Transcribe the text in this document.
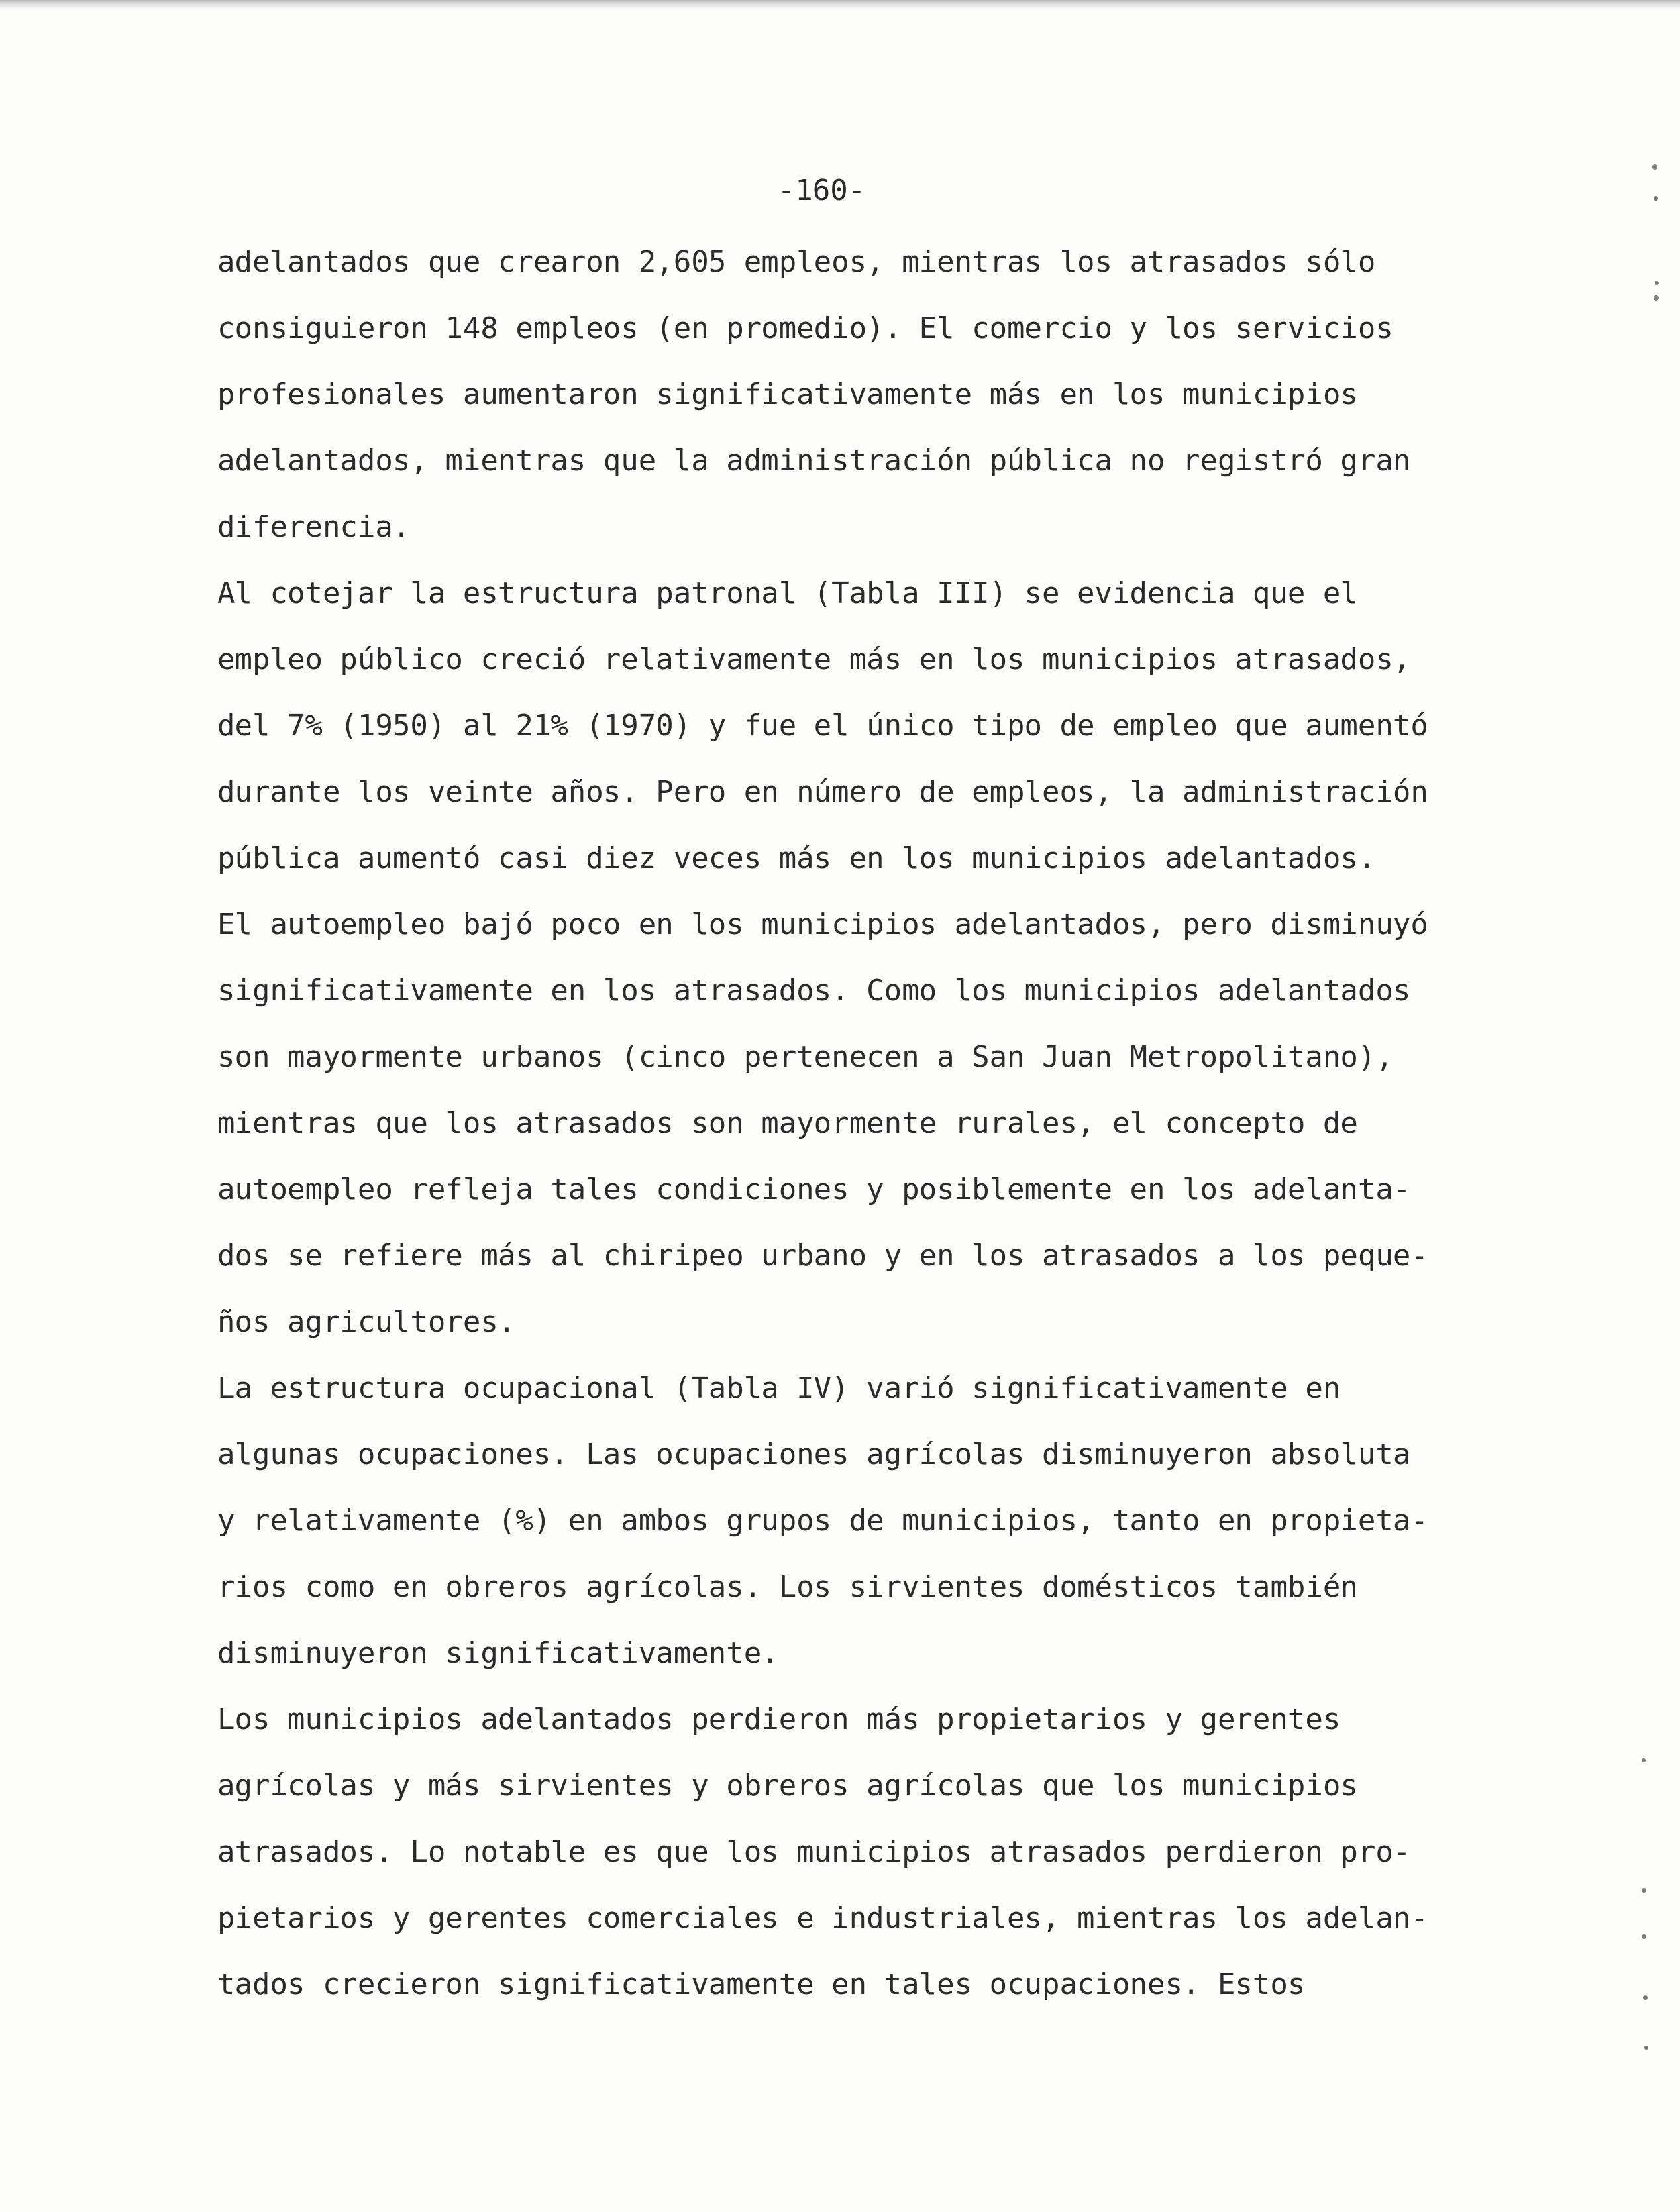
-160-
adelantados que crearon 2,605 empleos, mientras los atrasados sólo
consiguieron 148 empleos (en promedio). El comercio y los servicios
profesionales aumentaron significativamente más en los municipios
adelantados, mientras que la administración pública no registró gran
diferencia.
Al cotejar la estructura patronal (Tabla III) se evidencia que el
empleo público creció relativamente más en los municipios atrasados,
del 7% (1950) al 21% (1970) y fue el único tipo de empleo que aumentó
durante los veinte años. Pero en número de empleos, la administración
pública aumentó casi diez veces más en los municipios adelantados.
El autoempleo bajó poco en los municipios adelantados, pero disminuyó
significativamente en los atrasados. Como los municipios adelantados
son mayormente urbanos (cinco pertenecen a San Juan Metropolitano),
mientras que los atrasados son mayormente rurales, el concepto de
autoempleo refleja tales condiciones y posiblemente en los adelanta-
dos se refiere más al chiripeo urbano y en los atrasados a los peque-
ños agricultores.
La estructura ocupacional (Tabla IV) varió significativamente en
algunas ocupaciones. Las ocupaciones agrícolas disminuyeron absoluta
y relativamente (%) en ambos grupos de municipios, tanto en propieta-
rios como en obreros agrícolas. Los sirvientes domésticos también
disminuyeron significativamente.
Los municipios adelantados perdieron más propietarios y gerentes
agrícolas y más sirvientes y obreros agrícolas que los municipios
atrasados. Lo notable es que los municipios atrasados perdieron pro-
pietarios y gerentes comerciales e industriales, mientras los adelan-
tados crecieron significativamente en tales ocupaciones. Estos
